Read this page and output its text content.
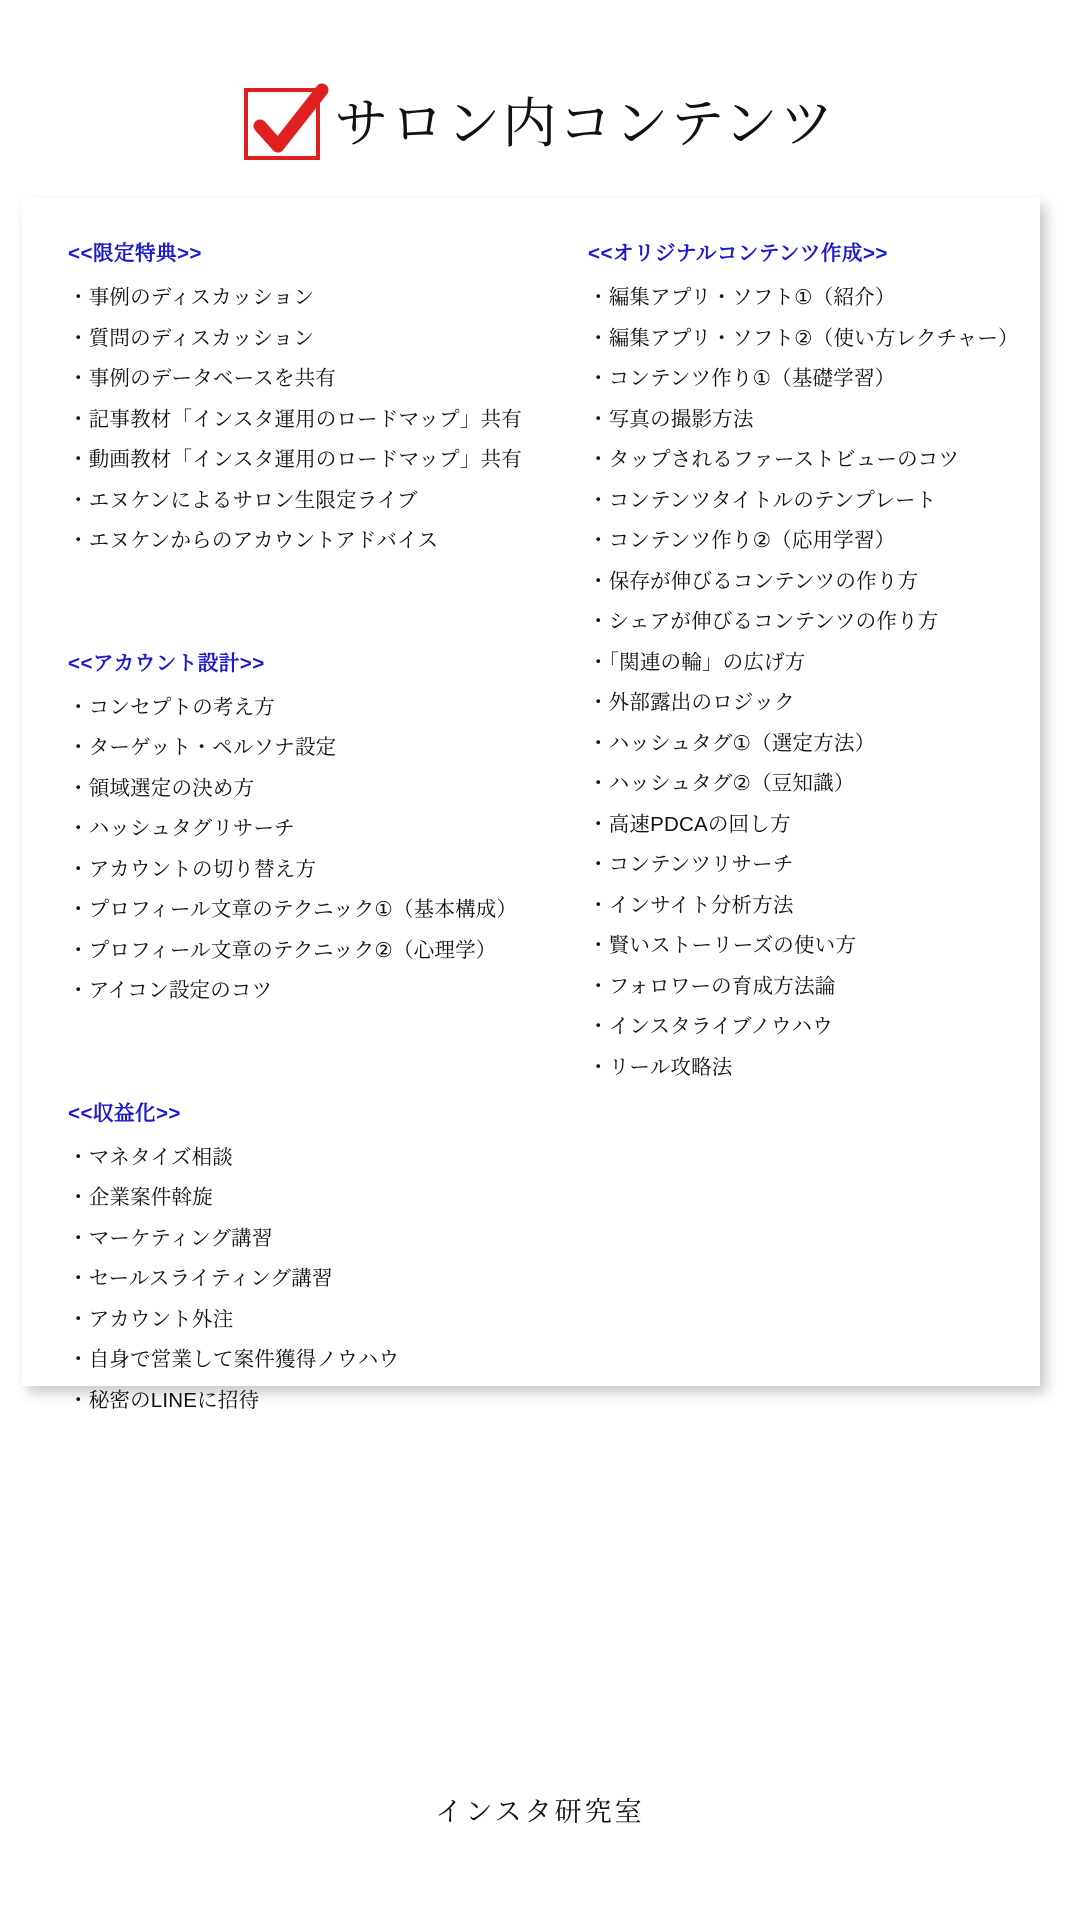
サロン内コンテンツ
<<限定特典>>
・事例のディスカッション
・質問のディスカッション
・事例のデータベースを共有
・記事教材「インスタ運用のロードマップ」共有
・動画教材「インスタ運用のロードマップ」共有
・エヌケンによるサロン生限定ライブ
・エヌケンからのアカウントアドバイス
<<アカウント設計>>
・コンセプトの考え方
・ターゲット・ペルソナ設定
・領域選定の決め方
・ハッシュタグリサーチ
・アカウントの切り替え方
・プロフィール文章のテクニック①（基本構成）
・プロフィール文章のテクニック②（心理学）
・アイコン設定のコツ
<<収益化>>
・マネタイズ相談
・企業案件斡旋
・マーケティング講習
・セールスライティング講習
・アカウント外注
・自身で営業して案件獲得ノウハウ
・秘密のLINEに招待
<<オリジナルコンテンツ作成>>
・編集アプリ・ソフト①（紹介）
・編集アプリ・ソフト②（使い方レクチャー）
・コンテンツ作り①（基礎学習）
・写真の撮影方法
・タップされるファーストビューのコツ
・コンテンツタイトルのテンプレート
・コンテンツ作り②（応用学習）
・保存が伸びるコンテンツの作り方
・シェアが伸びるコンテンツの作り方
・「関連の輪」の広げ方
・外部露出のロジック
・ハッシュタグ①（選定方法）
・ハッシュタグ②（豆知識）
・高速PDCAの回し方
・コンテンツリサーチ
・インサイト分析方法
・賢いストーリーズの使い方
・フォロワーの育成方法論
・インスタライブノウハウ
・リール攻略法
インスタ研究室
